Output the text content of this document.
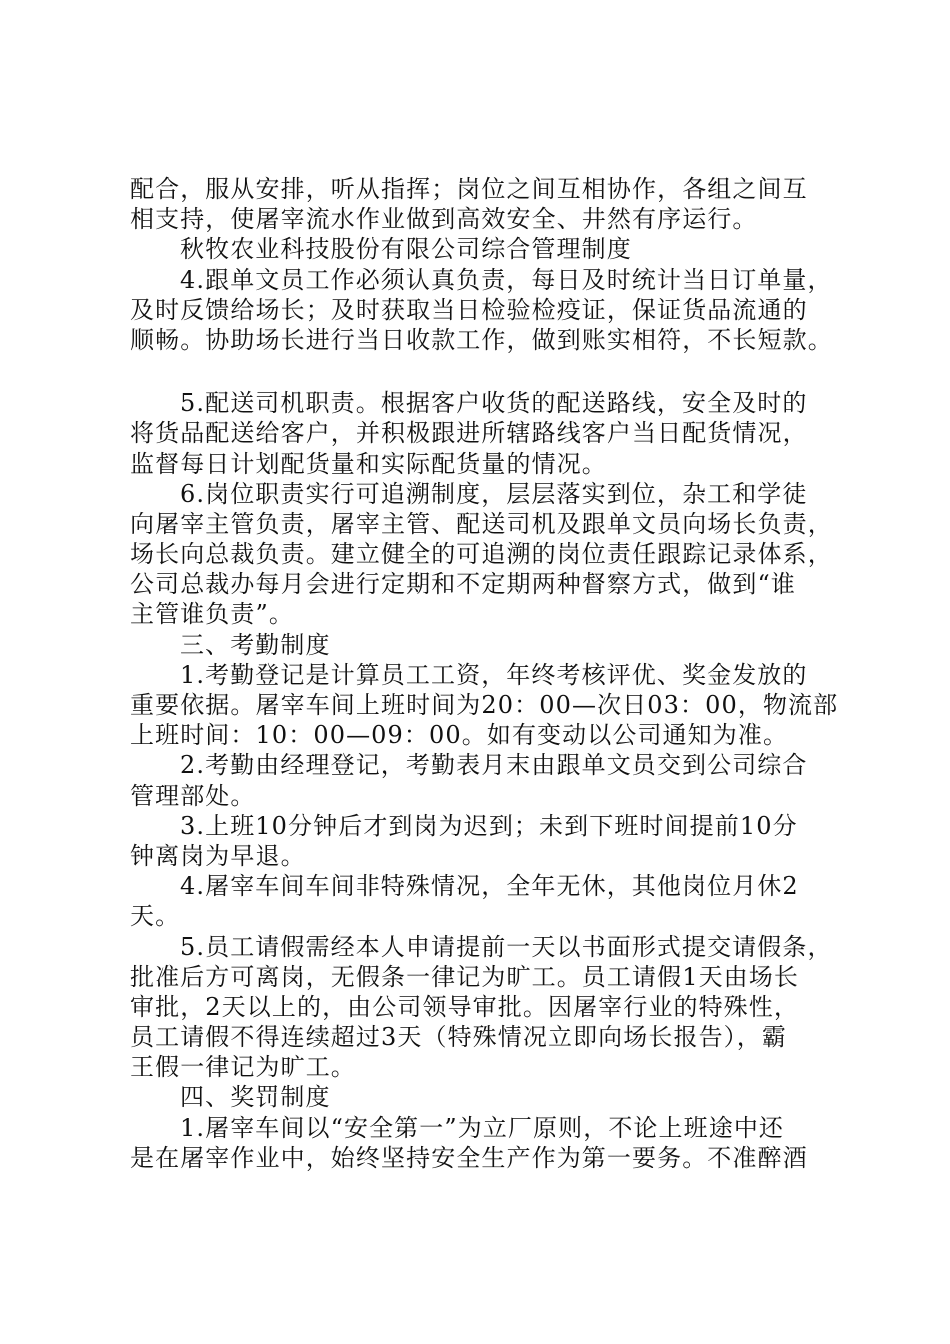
配合，服从安排，听从指挥；岗位之间互相协作，各组之间互
相支持，使屠宰流水作业做到高效安全、井然有序运行。
秋牧农业科技股份有限公司综合管理制度
4.跟单文员工作必须认真负责，每日及时统计当日订单量，
及时反馈给场长；及时获取当日检验检疫证，保证货品流通的
顺畅。协助场长进行当日收款工作，做到账实相符，不长短款。
5.配送司机职责。根据客户收货的配送路线，安全及时的
将货品配送给客户，并积极跟进所辖路线客户当日配货情况，
监督每日计划配货量和实际配货量的情况。
6.岗位职责实行可追溯制度，层层落实到位，杂工和学徒
向屠宰主管负责，屠宰主管、配送司机及跟单文员向场长负责，
场长向总裁负责。建立健全的可追溯的岗位责任跟踪记录体系，
公司总裁办每月会进行定期和不定期两种督察方式，做到“谁
主管谁负责”。
三、考勤制度
1.考勤登记是计算员工工资，年终考核评优、奖金发放的
重要依据。屠宰车间上班时间为20：00—次日03：00，物流部
上班时间：10：00—09：00。如有变动以公司通知为准。
2.考勤由经理登记，考勤表月末由跟单文员交到公司综合
管理部处。
3.上班10分钟后才到岗为迟到；未到下班时间提前10分
钟离岗为早退。
4.屠宰车间车间非特殊情况，全年无休，其他岗位月休2
天。
5.员工请假需经本人申请提前一天以书面形式提交请假条，
批准后方可离岗，无假条一律记为旷工。员工请假1天由场长
审批，2天以上的，由公司领导审批。因屠宰行业的特殊性，
员工请假不得连续超过3天（特殊情况立即向场长报告），霸
王假一律记为旷工。
四、奖罚制度
1.屠宰车间以“安全第一”为立厂原则，不论上班途中还
是在屠宰作业中，始终坚持安全生产作为第一要务。不准醉酒
